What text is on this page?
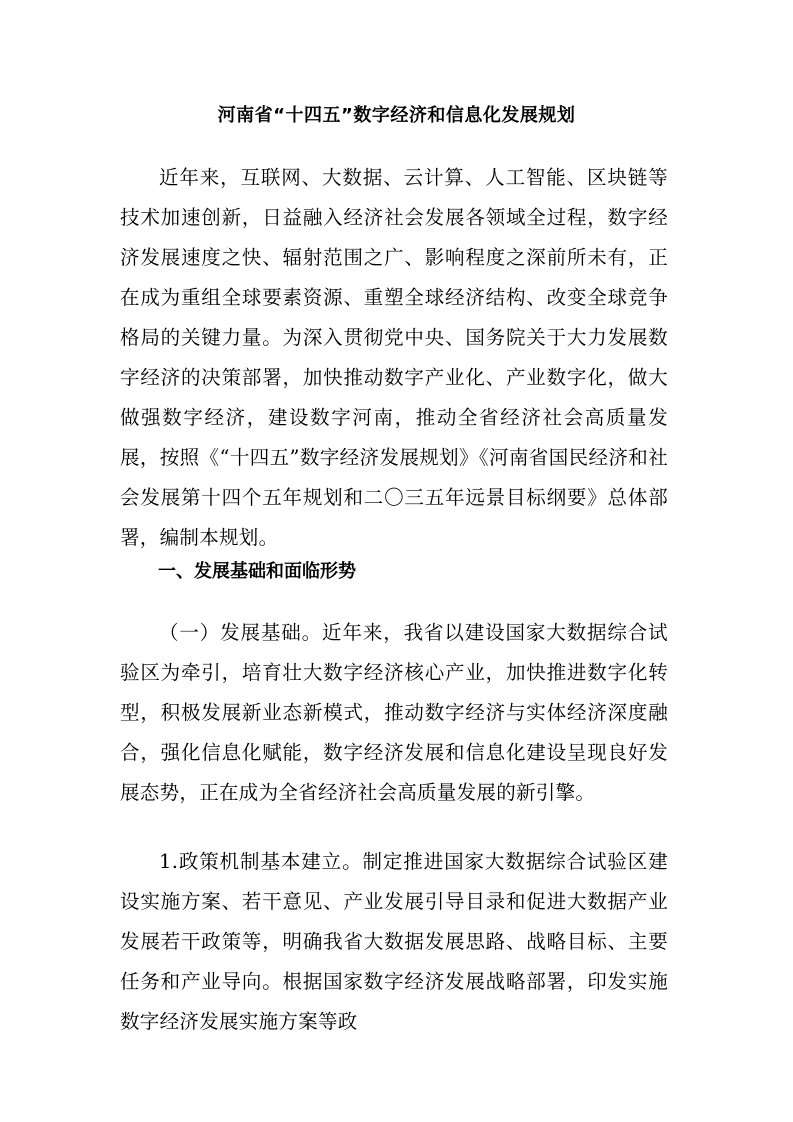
河南省“十四五”数字经济和信息化发展规划

近年来，互联网、大数据、云计算、人工智能、区块链等技术加速创新，日益融入经济社会发展各领域全过程，数字经济发展速度之快、辐射范围之广、影响程度之深前所未有，正在成为重组全球要素资源、重塑全球经济结构、改变全球竞争格局的关键力量。为深入贯彻党中央、国务院关于大力发展数字经济的决策部署，加快推动数字产业化、产业数字化，做大做强数字经济，建设数字河南，推动全省经济社会高质量发展，按照《“十四五”数字经济发展规划》《河南省国民经济和社会发展第十四个五年规划和二〇三五年远景目标纲要》总体部署，编制本规划。

一、发展基础和面临形势

（一）发展基础。近年来，我省以建设国家大数据综合试验区为牵引，培育壮大数字经济核心产业，加快推进数字化转型，积极发展新业态新模式，推动数字经济与实体经济深度融合，强化信息化赋能，数字经济发展和信息化建设呈现良好发展态势，正在成为全省经济社会高质量发展的新引擎。

1.政策机制基本建立。制定推进国家大数据综合试验区建设实施方案、若干意见、产业发展引导目录和促进大数据产业发展若干政策等，明确我省大数据发展思路、战略目标、主要任务和产业导向。根据国家数字经济发展战略部署，印发实施数字经济发展实施方案等政
